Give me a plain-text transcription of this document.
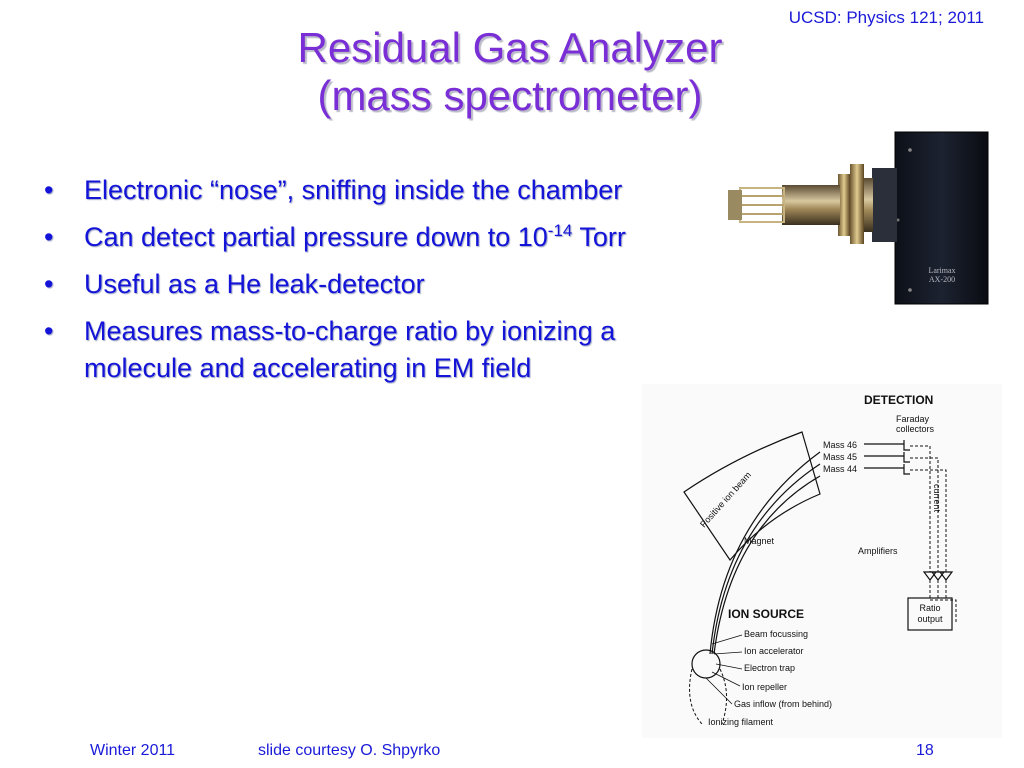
UCSD: Physics 121; 2011
Residual Gas Analyzer
(mass spectrometer)
• Electronic “nose”, sniffing inside the chamber
• Can detect partial pressure down to $10^{-14}$ Torr
• Useful as a He leak-detector
• Measures mass-to-charge ratio by ionizing a molecule and accelerating in EM field
Larimax
AX-200
DETECTION
Faraday
collectors
Mass 46
Mass 45
Mass 44
current
Amplifiers
Ratio
output
Positive ion beam
Magnet
ION SOURCE
Beam focussing
Ion accelerator
Electron trap
Ion repeller
Gas inflow (from behind)
Ionizing filament
Winter 2011	slide courtesy O. Shpyrko	18
